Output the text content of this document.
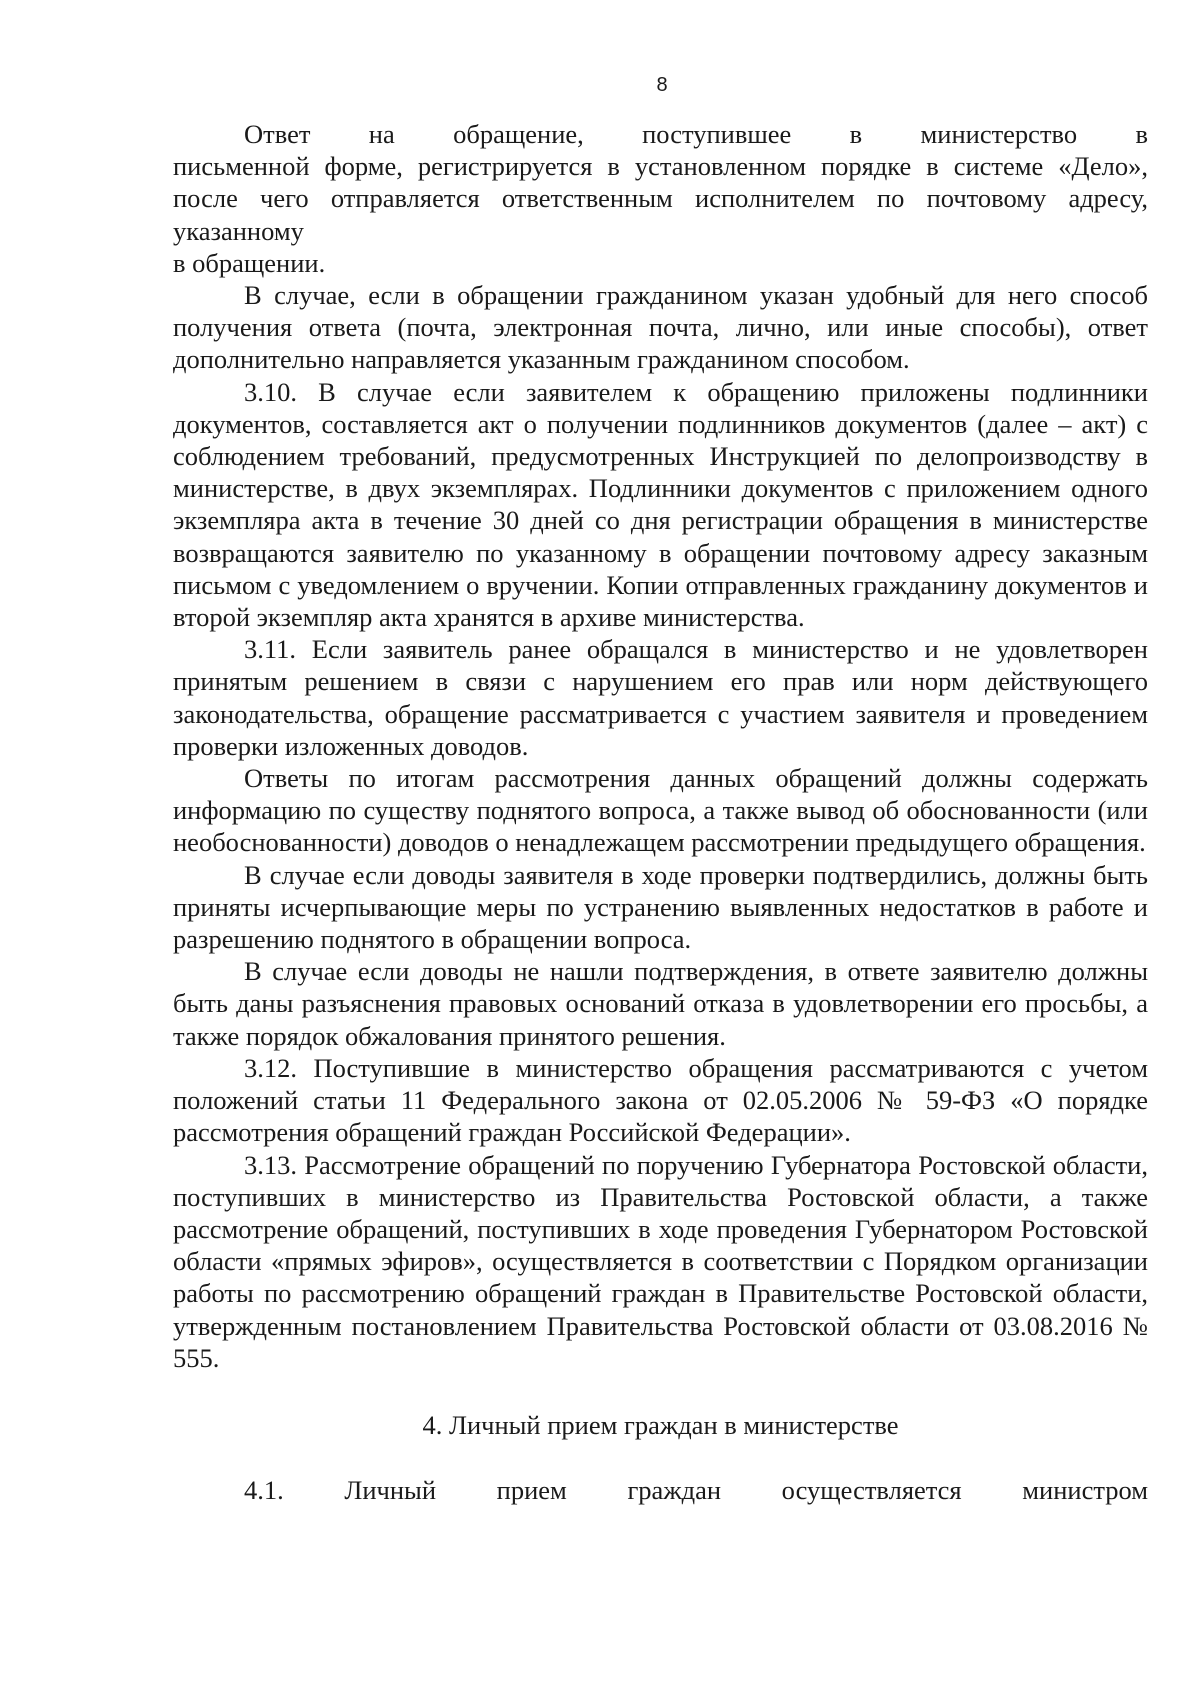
8

Ответ на обращение, поступившее в министерство в

письменной форме, регистрируется в установленном порядке в системе «Дело», после чего отправляется ответственным исполнителем по почтовому адресу, указанному

в обращении.

В случае, если в обращении гражданином указан удобный для него способ получения ответа (почта, электронная почта, лично, или иные способы), ответ дополнительно направляется указанным гражданином способом.

3.10. В случае если заявителем к обращению приложены подлинники документов, составляется акт о получении подлинников документов (далее – акт) с соблюдением требований, предусмотренных Инструкцией по делопроизводству в министерстве, в двух экземплярах. Подлинники документов с приложением одного экземпляра акта в течение 30 дней со дня регистрации обращения в министерстве возвращаются заявителю по указанному в обращении почтовому адресу заказным письмом с уведомлением о вручении. Копии отправленных гражданину документов и второй экземпляр акта хранятся в архиве министерства.

3.11. Если заявитель ранее обращался в министерство и не удовлетворен принятым решением в связи с нарушением его прав или норм действующего законодательства, обращение рассматривается с участием заявителя и проведением проверки изложенных доводов.

Ответы по итогам рассмотрения данных обращений должны содержать информацию по существу поднятого вопроса, а также вывод об обоснованности (или необоснованности) доводов о ненадлежащем рассмотрении предыдущего обращения.

В случае если доводы заявителя в ходе проверки подтвердились, должны быть приняты исчерпывающие меры по устранению выявленных недостатков в работе и разрешению поднятого в обращении вопроса.

В случае если доводы не нашли подтверждения, в ответе заявителю должны быть даны разъяснения правовых оснований отказа в удовлетворении его просьбы, а также порядок обжалования принятого решения.

3.12. Поступившие в министерство обращения рассматриваются с учетом положений статьи 11 Федерального закона от 02.05.2006 № 59-ФЗ «О порядке рассмотрения обращений граждан Российской Федерации».

3.13. Рассмотрение обращений по поручению Губернатора Ростовской области, поступивших в министерство из Правительства Ростовской области, а также рассмотрение обращений, поступивших в ходе проведения Губернатором Ростовской области «прямых эфиров», осуществляется в соответствии с Порядком организации работы по рассмотрению обращений граждан в Правительстве Ростовской области, утвержденным постановлением Правительства Ростовской области от 03.08.2016 № 555.

4. Личный прием граждан в министерстве

4.1. Личный прием граждан осуществляется министром
